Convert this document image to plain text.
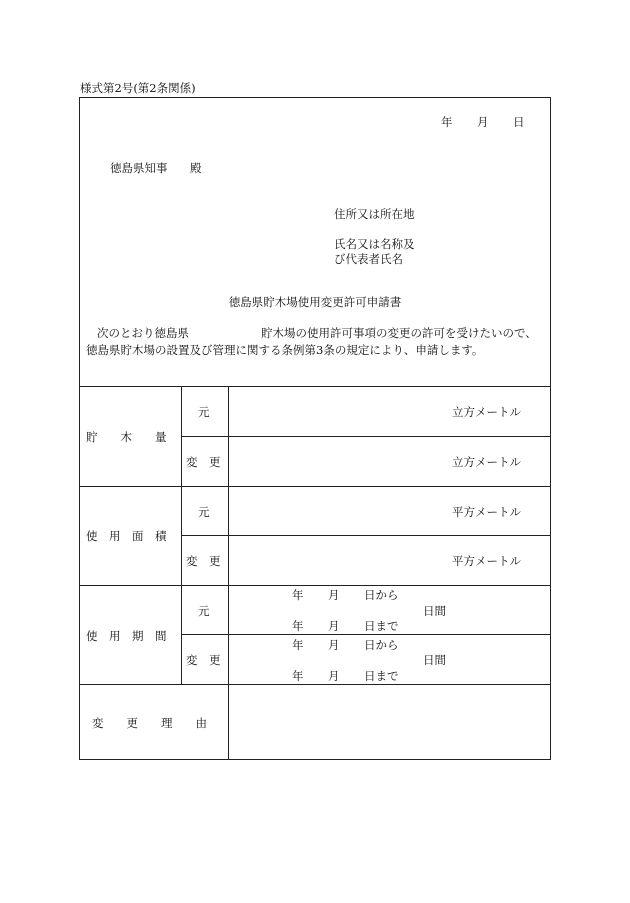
様式第2号(第2条関係)
年 月 日
徳島県知事 殿
住所又は所在地
氏名又は名称及
び代表者氏名
徳島県貯木場使用変更許可申請書
次のとおり徳島県	貯木場の使用許可事項の変更の許可を受けたいので、
徳島県貯木場の設置及び管理に関する条例第3条の規定により、申請します。
貯　　木　　量
元	立方メートル
変　更	立方メートル
使　用　面　積
元	平方メートル
変　更	平方メートル
使　用　期　間
元
年 月 日から
日間
年 月 日まで
変　更
年 月 日から
日間
年 月 日まで
変　　更　　理　　由
